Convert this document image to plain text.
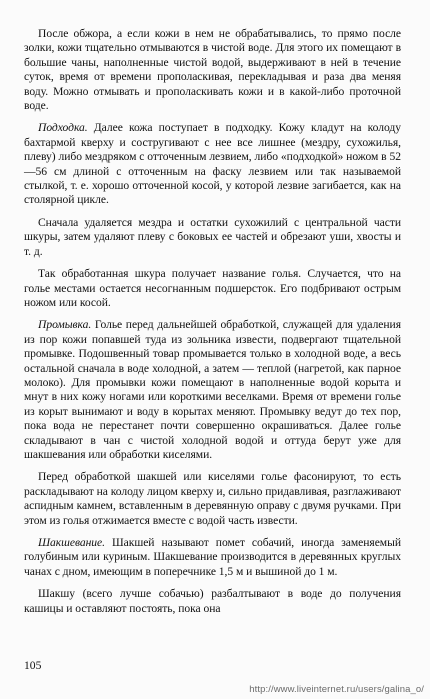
После обжора, а если кожи в нем не обрабатывались, то прямо после золки, кожи тщательно отмываются в чистой воде. Для этого их помещают в большие чаны, наполненные чистой водой, выдерживают в ней в течение суток, время от времени прополаскивая, перекладывая и раза два меняя воду. Можно отмывать и прополаскивать кожи и в какой-либо проточной воде.

Подходка. Далее кожа поступает в подходку. Кожу кладут на колоду бахтармой кверху и состругивают с нее все лишнее (мездру, сухожилья, плеву) либо мездряком с отточенным лезвием, либо «подходкой» ножом в 52—56 см длиной с отточенным на фаску лезвием или так называемой стылкой, т. е. хорошо отточенной косой, у которой лезвие загибается, как на столярной цикле.

Сначала удаляется мездра и остатки сухожилий с центральной части шкуры, затем удаляют плеву с боковых ее частей и обрезают уши, хвосты и т. д.

Так обработанная шкура получает название голья. Случается, что на голье местами остается несогнанным подшерсток. Его подбривают острым ножом или косой.

Промывка. Голье перед дальнейшей обработкой, служащей для удаления из пор кожи попавшей туда из зольника извести, подвергают тщательной промывке. Подошвенный товар промывается только в холодной воде, а весь остальной сначала в воде холодной, а затем — теплой (нагретой, как парное молоко). Для промывки кожи помещают в наполненные водой корыта и мнут в них кожу ногами или короткими веселками. Время от времени голье из корыт вынимают и воду в корытах меняют. Промывку ведут до тех пор, пока вода не перестанет почти совершенно окрашиваться. Далее голье складывают в чан с чистой холодной водой и оттуда берут уже для шакшевания или обработки киселями.

Перед обработкой шакшей или киселями голье фасонируют, то есть раскладывают на колоду лицом кверху и, сильно придавливая, разглаживают аспидным камнем, вставленным в деревянную оправу с двумя ручками. При этом из голья отжимается вместе с водой часть извести.

Шакшевание. Шакшей называют помет собачий, иногда заменяемый голубиным или куриным. Шакшевание производится в деревянных круглых чанах с дном, имеющим в поперечнике 1,5 м и вышиной до 1 м.

Шакшу (всего лучше собачью) разбалтывают в воде до получения кашицы и оставляют постоять, пока она

105
http://www.liveinternet.ru/users/galina_o/
